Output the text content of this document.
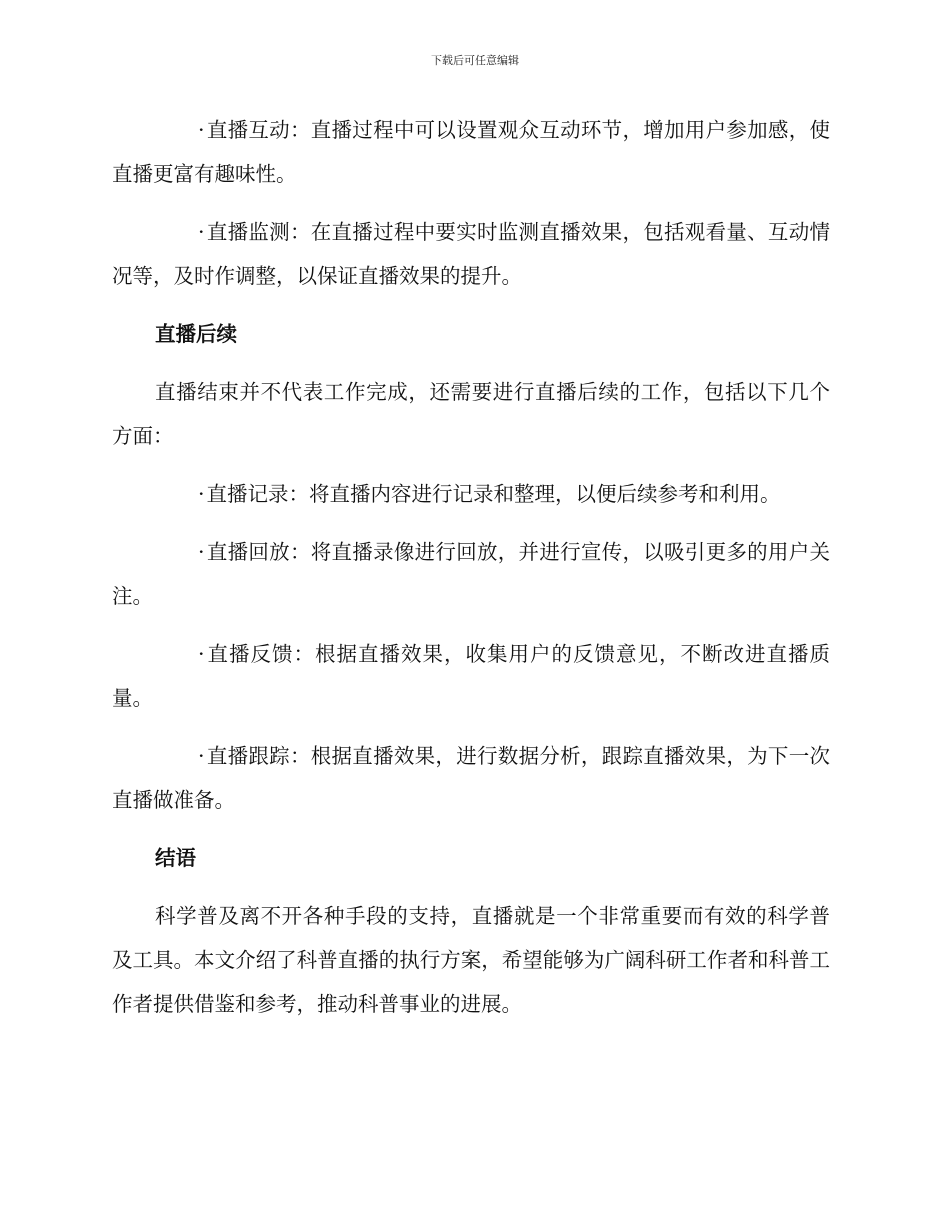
下载后可任意编辑

·直播互动：直播过程中可以设置观众互动环节，增加用户参加感，使直播更富有趣味性。

·直播监测：在直播过程中要实时监测直播效果，包括观看量、互动情况等，及时作调整，以保证直播效果的提升。

直播后续

直播结束并不代表工作完成，还需要进行直播后续的工作，包括以下几个方面：

·直播记录：将直播内容进行记录和整理，以便后续参考和利用。

·直播回放：将直播录像进行回放，并进行宣传，以吸引更多的用户关注。

·直播反馈：根据直播效果，收集用户的反馈意见，不断改进直播质量。

·直播跟踪：根据直播效果，进行数据分析，跟踪直播效果，为下一次直播做准备。

结语

科学普及离不开各种手段的支持，直播就是一个非常重要而有效的科学普及工具。本文介绍了科普直播的执行方案，希望能够为广阔科研工作者和科普工作者提供借鉴和参考，推动科普事业的进展。
